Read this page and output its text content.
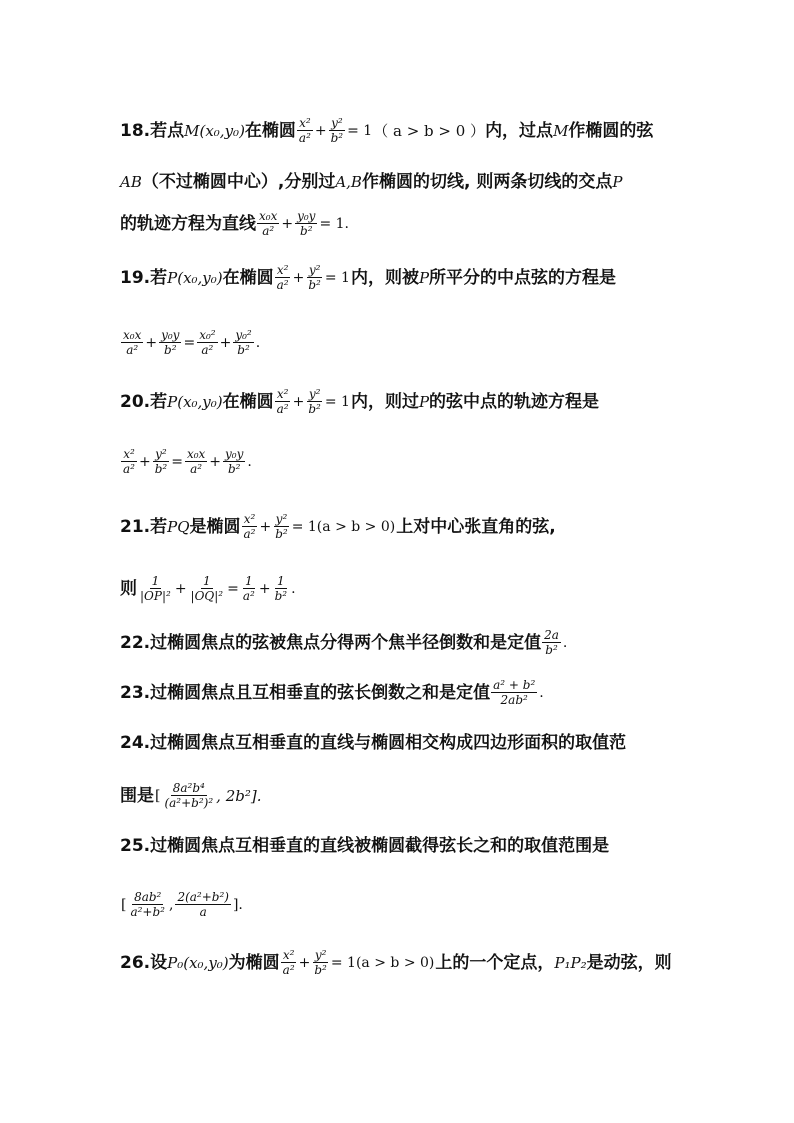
18.若点 M(x₀,y₀) 在椭圆 $\frac{\text{x²}}{\text{a²}} + \frac{\text{y²}}{\text{b²}} = 1$ （ a > b > 0 ） 内，过点 M 作椭圆的弦
AB （不过椭圆中心）,分别过 A,B 作椭圆的切线, 则两条切线的交点 P
的轨迹方程为直线 $\frac{\text{x₀x}}{\text{a²}} + \frac{\text{y₀y}}{\text{b²}} = 1$.
19.若 P(x₀,y₀) 在椭圆 $\frac{\text{x²}}{\text{a²}} + \frac{\text{y²}}{\text{b²}} = 1$ 内，则被 P 所平分的中点弦的方程是
$\frac{\text{x₀x}}{\text{a²}} + \frac{\text{y₀y}}{\text{b²}} = \frac{\text{x₀²}}{\text{a²}} + \frac{\text{y₀²}}{\text{b²}}$ .
20.若 P(x₀,y₀) 在椭圆 $\frac{\text{x²}}{\text{a²}} + \frac{\text{y²}}{\text{b²}} = 1$ 内，则过 P 的弦中点的轨迹方程是
$\frac{\text{x²}}{\text{a²}} + \frac{\text{y²}}{\text{b²}} = \frac{\text{x₀x}}{\text{a²}} + \frac{\text{y₀y}}{\text{b²}}$ .
21.若 PQ 是椭圆 $\frac{\text{x²}}{\text{a²}} + \frac{\text{y²}}{\text{b²}} = 1(a > b > 0)$ 上对中心张直角的弦,
则 $\frac{1}{\text{|OP|²}} + \frac{1}{\text{|OQ|²}} = \frac{1}{\text{a²}} + \frac{1}{\text{b²}}$ .
22.过椭圆焦点的弦被焦点分得两个焦半径倒数和是定值 $\frac{2a}{\text{b²}}$ .
23.过椭圆焦点且互相垂直的弦长倒数之和是定值 $\frac{\text{a² + b²}}{\text{2ab²}}$ .
24.过椭圆焦点互相垂直的直线与椭圆相交构成四边形面积的取值范
围是 [ $\frac{\text{8a²b⁴}}{\text{(a²+b²)²}}$ , 2b²].
25.过椭圆焦点互相垂直的直线被椭圆截得弦长之和的取值范围是
[ $\frac{\text{8ab²}}{\text{a²+b²}}$ , $\frac{\text{2(a²+b²)}}{a}$ ].
26.设 P₀(x₀,y₀) 为椭圆 $\frac{\text{x²}}{\text{a²}} + \frac{\text{y²}}{\text{b²}} = 1(a > b > 0)$ 上的一个定点， P₁P₂ 是动弦，则
